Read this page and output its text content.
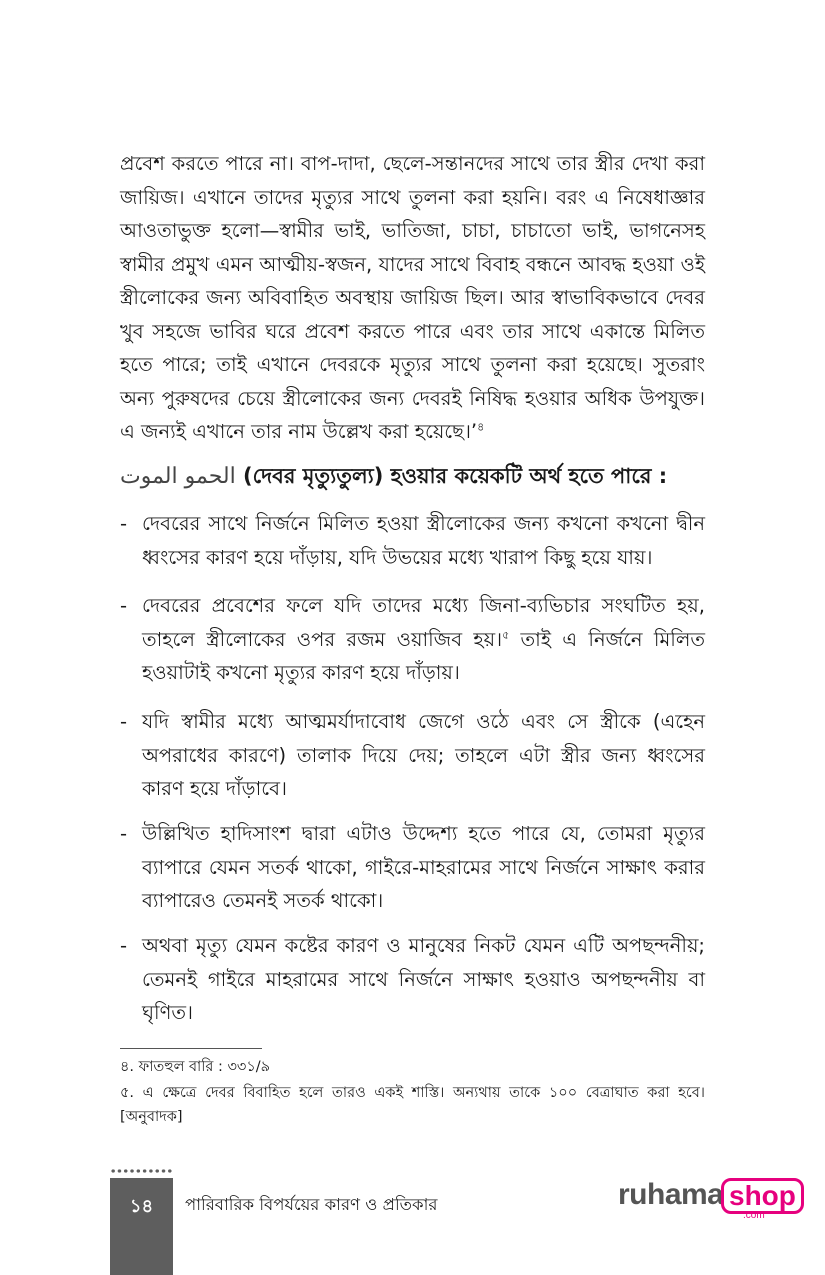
প্রবেশ করতে পারে না। বাপ-দাদা, ছেলে-সন্তানদের সাথে তার স্ত্রীর দেখা করা জায়িজ। এখানে তাদের মৃত্যুর সাথে তুলনা করা হয়নি। বরং এ নিষেধাজ্ঞার আওতাভুক্ত হলো—স্বামীর ভাই, ভাতিজা, চাচা, চাচাতো ভাই, ভাগনেসহ স্বামীর প্রমুখ এমন আত্মীয়-স্বজন, যাদের সাথে বিবাহ বন্ধনে আবদ্ধ হওয়া ওই স্ত্রীলোকের জন্য অবিবাহিত অবস্থায় জায়িজ ছিল। আর স্বাভাবিকভাবে দেবর খুব সহজে ভাবির ঘরে প্রবেশ করতে পারে এবং তার সাথে একান্তে মিলিত হতে পারে; তাই এখানে দেবরকে মৃত্যুর সাথে তুলনা করা হয়েছে। সুতরাং অন্য পুরুষদের চেয়ে স্ত্রীলোকের জন্য দেবরই নিষিদ্ধ হওয়ার অধিক উপযুক্ত। এ জন্যই এখানে তার নাম উল্লেখ করা হয়েছে।’$^৪$

الحمو الموت (দেবর মৃত্যুতুল্য) হওয়ার কয়েকটি অর্থ হতে পারে :

- দেবরের সাথে নির্জনে মিলিত হওয়া স্ত্রীলোকের জন্য কখনো কখনো দ্বীন ধ্বংসের কারণ হয়ে দাঁড়ায়, যদি উভয়ের মধ্যে খারাপ কিছু হয়ে যায়।

- দেবরের প্রবেশের ফলে যদি তাদের মধ্যে জিনা-ব্যভিচার সংঘটিত হয়, তাহলে স্ত্রীলোকের ওপর রজম ওয়াজিব হয়।$^৫$ তাই এ নির্জনে মিলিত হওয়াটাই কখনো মৃত্যুর কারণ হয়ে দাঁড়ায়।

- যদি স্বামীর মধ্যে আত্মমর্যাদাবোধ জেগে ওঠে এবং সে স্ত্রীকে (এহেন অপরাধের কারণে) তালাক দিয়ে দেয়; তাহলে এটা স্ত্রীর জন্য ধ্বংসের কারণ হয়ে দাঁড়াবে।

- উল্লিখিত হাদিসাংশ দ্বারা এটাও উদ্দেশ্য হতে পারে যে, তোমরা মৃত্যুর ব্যাপারে যেমন সতর্ক থাকো, গাইরে-মাহরামের সাথে নির্জনে সাক্ষাৎ করার ব্যাপারেও তেমনই সতর্ক থাকো।

- অথবা মৃত্যু যেমন কষ্টের কারণ ও মানুষের নিকট যেমন এটি অপছন্দনীয়; তেমনই গাইরে মাহরামের সাথে নির্জনে সাক্ষাৎ হওয়াও অপছন্দনীয় বা ঘৃণিত।

৪. ফাতহুল বারি : ৩৩১/৯

৫. এ ক্ষেত্রে দেবর বিবাহিত হলে তারও একই শাস্তি। অন্যথায় তাকে ১০০ বেত্রাঘাত করা হবে। [অনুবাদক]

১৪	পারিবারিক বিপর্যয়ের কারণ ও প্রতিকার	ruhama shop
.com
